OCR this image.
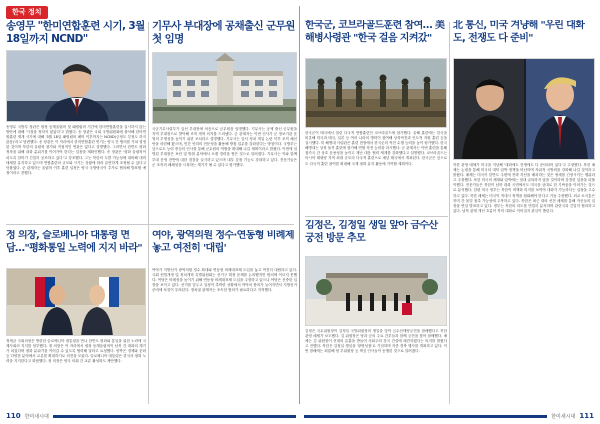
한국 정치
송영무 "한미연합훈련 시기, 3월 18일까지 NCND"
송영무 국방부 장관은 평창 동계올림픽 및 패럴림픽 기간에 한미연합훈련을 실시하지 않는 방안에 대해 '시점을 정하지 않았다'고 밝혔다. 송 장관은 국회 국방위원회에 출석해 한미연합훈련 재개 시기에 대해 '3월 18일 패럴림픽 폐막 이후까지는 NCND(긍정도 부정도 하지 않음)'라고 답변했다. 송 장관은 이 자리에서 한미연합훈련 연기는 양국 간 협의를 거쳐 결정된 것이며 북한의 올림픽 참가와 직접적인 연관은 없다고 설명했다. 그러면서 한반도 평화 정착을 위해 대화 분위기를 이어가야 한다는 입장을 재확인했다. 송 장관은 '평화 올림픽이 되도록 한미가 긴밀히 공조하고 있다'고 강조했다. 그는 북한의 도발 가능성에 대비해 대비태세를 유지하고 있으며 연합훈련의 규모와 시기는 상황에 따라 유연하게 조정될 수 있다고 덧붙였다. 군 관계자는 올림픽 이후 훈련 일정은 양국 국방당국이 추가로 협의해 발표할 예정이라고 전했다.
기무사 부대장에 공채출신 군무원 첫 임명
국군기무사령부가 일선 부대장에 처음으로 군무원을 임명했다. 기무사는 공채 출신 군무원을 지역 부대장으로 발탁해 조직 개혁 의지를 드러냈다. 군 관계자는 이번 인사가 군 정보기관 운영의 투명성을 높이기 위한 조치라고 설명했다. 기무사는 앞서 정치 개입 논란 이후 조직 쇄신안을 마련해 왔으며, 민간 인력의 전문성을 활용해 방첩 업무를 강화한다는 방침이다. 국방부는 앞으로도 능력 중심의 인사를 통해 군무원의 역할을 확대해 나갈 계획이라고 밝혔다. 이번에 임명된 부대장은 보안 및 방첩 분야에서 오랜 경력을 쌓은 것으로 알려졌다. 기무사는 이와 함께 부대 운영 전반에 대한 점검을 실시하고 있으며 내부 감찰 기능도 강화하고 있다. 전문가들은 군 조직의 폐쇄성을 극복하는 계기가 될 수 있다고 평가했다.
한국군, 코브라골드훈련 참여… 美 해병사령관 "한국 걸음 지켜갔"
한국군이 태국에서 열린 다국적 연합훈련인 코브라골드에 참가했다. 올해 훈련에는 한국을 비롯해 미국과 태국, 일본 등 여러 나라의 병력이 참여해 상륙작전과 인도적 지원 훈련 등을 실시했다. 미 해병대 사령관은 훈련 현장에서 한국군의 작전 수행 능력을 높이 평가했다. 한국 해병대는 상륙 돌격 훈련에 참가해 연합 작전 능력을 과시했다. 군 관계자는 이번 훈련을 통해 참가국 간 상호 운용성을 높이고 재난 대응 협력 체계를 강화했다고 설명했다. 코브라골드는 아시아 태평양 지역 최대 규모의 다국적 훈련으로 매년 태국에서 개최된다. 한국군은 앞으로도 다국적 훈련 참여를 확대해 국제 평화 유지 활동에 기여할 계획이다.
北 통신, 미국 겨냥해 "우린 대화도, 전쟁도 다 준비"
북한 관영 매체가 미국을 겨냥해 '대화에도 전쟁에도 다 준비되어 있다'고 주장했다. 북한 매체는 논평을 통해 미국의 대북 압박 정책을 비난하며 자위적 국방력을 강화해 나갈 것이라고 밝혔다. 매체는 미국이 한반도 주변에 전략 자산을 배치하는 것은 정세를 긴장시키는 행위라고 주장했다. 또한 미국의 제재와 압박에는 절대 굴복하지 않을 것이라며 강경한 입장을 되풀이했다. 전문가들은 북한이 남북 대화 국면에서도 미국을 상대로 한 기싸움을 이어가는 것으로 분석했다. 한편 미국 정부는 북한이 비핵화 의지를 보여야 대화가 가능하다는 입장을 고수하고 있다. 북한 매체는 미국이 적대시 정책을 철회해야 한다고 거듭 주장했다. 외교 소식통은 북미 간 물밑 접촉 가능성에 주목하고 있다. 북한은 최근 대외 선전 매체를 통해 자신들의 입장을 연일 발표하고 있다. 정부는 북한의 의도를 면밀히 분석하며 관련국과 긴밀히 협의하고 있다. 남북 관계 개선 흐름이 북미 대화로 이어질지 관심이 쏠린다.
정 의장, 슬로베니아 대통령 면담…"평화통일 노력에 지지 바라"
정세균 국회의장은 방한한 슬로베니아 대통령을 만나 한반도 평화와 통일을 위한 노력에 국제사회의 지지를 당부했다. 정 의장은 이 자리에서 평창 동계올림픽이 남북 간 대화의 계기가 되었다며 평화 분위기를 이어갈 수 있도록 협력해 달라고 요청했다. 양측은 경제와 문화 등 다양한 분야에서 교류를 확대하기로 의견을 모았다. 슬로베니아 대통령은 한국의 평화 노력을 지지한다고 화답했다. 정 의장은 양국 의회 간 교류 활성화도 제안했다.
여야, 광역의원 정수·연동형 비례제 놓고 여전히 '대립'
여야가 지방선거 광역의원 정수 확대와 연동형 비례대표제 도입을 놓고 여전히 대립하고 있다. 국회 헌법개정 및 정치개혁 특별위원회는 선거구 획정 문제를 논의했지만 합의에 이르지 못했다. 여당은 비례성을 높이기 위해 연동형 비례대표제 도입을 주장하고 있으나 야당은 신중한 입장을 보이고 있다. 선거를 앞두고 일정이 촉박한 상황에서 여야의 합의가 늦어지면서 지방선거 준비에 차질이 우려된다. 정치권 관계자는 조속한 합의가 필요하다고 지적했다.
김정은, 김정일 생일 앞아 금수산 궁전 방문 추모
김정은 국무위원장이 김정일 국방위원장의 생일을 맞아 금수산태양궁전을 참배했다고 북한 관영 매체가 보도했다. 김 위원장은 당과 군의 주요 간부들과 함께 궁전을 찾아 참배했다. 매체는 김 위원장이 선대의 유훈을 받들어 사회주의 강국 건설에 매진하겠다는 의지를 밝혔다고 전했다. 북한은 김정일 생일을 '광명성절'로 기념하며 각종 경축 행사를 개최하고 있다. 이번 참배에는 최룡해 당 부위원장 등 핵심 인사들이 동행한 것으로 알려졌다.
110 한미새시대	한미새시대 111
